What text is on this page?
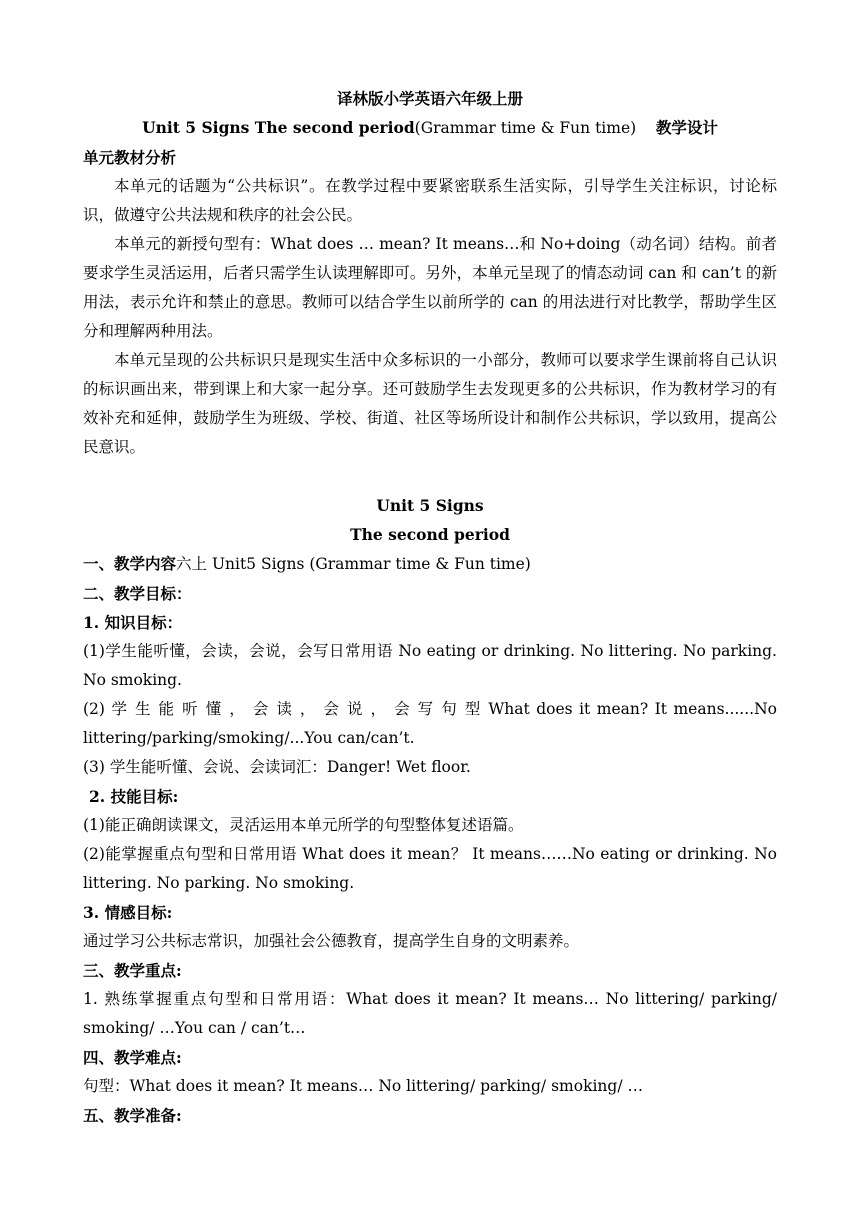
译林版小学英语六年级上册

Unit 5 Signs The second period(Grammar time & Fun time) 教学设计

单元教材分析

本单元的话题为“公共标识”。在教学过程中要紧密联系生活实际，引导学生关注标识，讨论标识，做遵守公共法规和秩序的社会公民。

本单元的新授句型有：What does … mean? It means…和 No+doing（动名词）结构。前者要求学生灵活运用，后者只需学生认读理解即可。另外，本单元呈现了的情态动词 can 和 can’t 的新用法，表示允许和禁止的意思。教师可以结合学生以前所学的 can 的用法进行对比教学，帮助学生区分和理解两种用法。

本单元呈现的公共标识只是现实生活中众多标识的一小部分，教师可以要求学生课前将自己认识的标识画出来，带到课上和大家一起分享。还可鼓励学生去发现更多的公共标识，作为教材学习的有效补充和延伸，鼓励学生为班级、学校、街道、社区等场所设计和制作公共标识，学以致用，提高公民意识。

Unit 5 Signs

The second period

一、教学内容六上 Unit5 Signs (Grammar time & Fun time)

二、教学目标：

1. 知识目标：

(1)学生能听懂，会读，会说，会写日常用语 No eating or drinking. No littering. No parking. No smoking.

(2) 学 生 能 听 懂 ， 会 读 ， 会 说 ， 会 写 句 型 What does it mean? It means......No littering/parking/smoking/...You can/can’t.

(3) 学生能听懂、会说、会读词汇：Danger! Wet floor.

2. 技能目标:

(1)能正确朗读课文，灵活运用本单元所学的句型整体复述语篇。

(2)能掌握重点句型和日常用语 What does it mean？ It means……No eating or drinking. No littering. No parking. No smoking.

3. 情感目标:

通过学习公共标志常识，加强社会公德教育，提高学生自身的文明素养。

三、教学重点:

1. 熟练掌握重点句型和日常用语：What does it mean? It means… No littering/ parking/ smoking/ …You can / can’t…

四、教学难点:

句型：What does it mean? It means… No littering/ parking/ smoking/ …

五、教学准备:
